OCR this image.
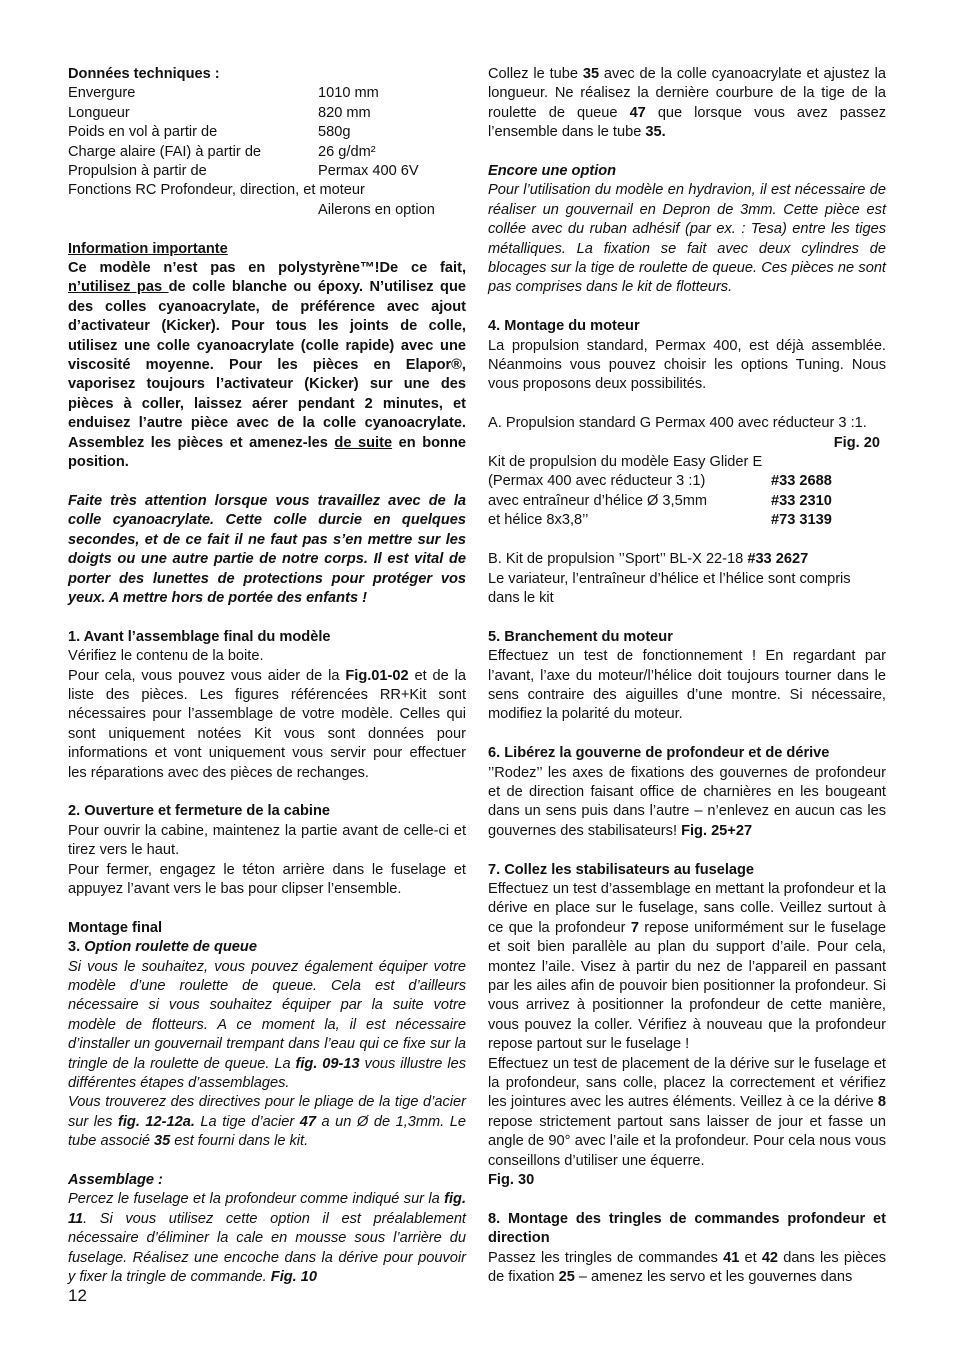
Données techniques :

Envergure	1010 mm
Longueur	820 mm
Poids en vol à partir de	580g
Charge alaire (FAI) à partir de	26 g/dm²
Propulsion à partir de	Permax 400 6V

Fonctions RC Profondeur, direction, et moteur

Ailerons en option

Information importante

Ce modèle n’est pas en polystyrène™!De ce fait, n’utilisez pas de colle blanche ou époxy. N’utilisez que des colles cyanoacrylate, de préférence avec ajout d’activateur (Kicker). Pour tous les joints de colle, utilisez une colle cyanoacrylate (colle rapide) avec une viscosité moyenne. Pour les pièces en Elapor®, vaporisez toujours l’activateur (Kicker) sur une des pièces à coller, laissez aérer pendant 2 minutes, et enduisez l’autre pièce avec de la colle cyanoacrylate. Assemblez les pièces et amenez-les de suite en bonne position.

Faite très attention lorsque vous travaillez avec de la colle cyanoacrylate. Cette colle durcie en quelques secondes, et de ce fait il ne faut pas s’en mettre sur les doigts ou une autre partie de notre corps. Il est vital de porter des lunettes de protections pour protéger vos yeux. A mettre hors de portée des enfants !

1. Avant l’assemblage final du modèle

Vérifiez le contenu de la boite.

Pour cela, vous pouvez vous aider de la Fig.01-02 et de la liste des pièces. Les figures référencées RR+Kit sont nécessaires pour l’assemblage de votre modèle. Celles qui sont uniquement notées Kit vous sont données pour informations et vont uniquement vous servir pour effectuer les réparations avec des pièces de rechanges.

2. Ouverture et fermeture de la cabine

Pour ouvrir la cabine, maintenez la partie avant de celle-ci et tirez vers le haut.

Pour fermer, engagez le téton arrière dans le fuselage et appuyez l’avant vers le bas pour clipser l’ensemble.

Montage final

3. Option roulette de queue

Si vous le souhaitez, vous pouvez également équiper votre modèle d’une roulette de queue. Cela est d’ailleurs nécessaire si vous souhaitez équiper par la suite votre modèle de flotteurs. A ce moment la, il est nécessaire d’installer un gouvernail trempant dans l’eau qui ce fixe sur la tringle de la roulette de queue. La fig. 09-13 vous illustre les différentes étapes d’assemblages.

Vous trouverez des directives pour le pliage de la tige d’acier sur les fig. 12-12a. La tige d’acier 47 a un Ø de 1,3mm. Le tube associé 35 est fourni dans le kit.

Assemblage :

Percez le fuselage et la profondeur comme indiqué sur la fig. 11. Si vous utilisez cette option il est préalablement nécessaire d’éliminer la cale en mousse sous l’arrière du fuselage. Réalisez une encoche dans la dérive pour pouvoir y fixer la tringle de commande. Fig. 10

Collez le tube 35 avec de la colle cyanoacrylate et ajustez la longueur. Ne réalisez la dernière courbure de la tige de la roulette de queue 47 que lorsque vous avez passez l’ensemble dans le tube 35.

Encore une option

Pour l’utilisation du modèle en hydravion, il est nécessaire de réaliser un gouvernail en Depron de 3mm. Cette pièce est collée avec du ruban adhésif (par ex. : Tesa) entre les tiges métalliques. La fixation se fait avec deux cylindres de blocages sur la tige de roulette de queue. Ces pièces ne sont pas comprises dans le kit de flotteurs.

4. Montage du moteur

La propulsion standard, Permax 400, est déjà assemblée. Néanmoins vous pouvez choisir les options Tuning. Nous vous proposons deux possibilités.

A. Propulsion standard G Permax 400 avec réducteur 3 :1.

Fig. 20

Kit de propulsion du modèle Easy Glider E

(Permax 400 avec réducteur 3 :1)	#33 2688
avec entraîneur d’hélice Ø 3,5mm	#33 2310
et hélice 8x3,8’’	#73 3139

B. Kit de propulsion ’’Sport’’ BL-X 22-18 #33 2627

Le variateur, l’entraîneur d’hélice et l’hélice sont compris dans le kit

5. Branchement du moteur

Effectuez un test de fonctionnement ! En regardant par l’avant, l’axe du moteur/l’hélice doit toujours tourner dans le sens contraire des aiguilles d’une montre. Si nécessaire, modifiez la polarité du moteur.

6. Libérez la gouverne de profondeur et de dérive

’’Rodez’’ les axes de fixations des gouvernes de profondeur et de direction faisant office de charnières en les bougeant dans un sens puis dans l’autre – n’enlevez en aucun cas les gouvernes des stabilisateurs! Fig. 25+27

7. Collez les stabilisateurs au fuselage

Effectuez un test d’assemblage en mettant la profondeur et la dérive en place sur le fuselage, sans colle. Veillez surtout à ce que la profondeur 7 repose uniformément sur le fuselage et soit bien parallèle au plan du support d’aile. Pour cela, montez l’aile. Visez à partir du nez de l’appareil en passant par les ailes afin de pouvoir bien positionner la profondeur. Si vous arrivez à positionner la profondeur de cette manière, vous pouvez la coller. Vérifiez à nouveau que la profondeur repose partout sur le fuselage !

Effectuez un test de placement de la dérive sur le fuselage et la profondeur, sans colle, placez la correctement et vérifiez les jointures avec les autres éléments. Veillez à ce la dérive 8 repose strictement partout sans laisser de jour et fasse un angle de 90° avec l’aile et la profondeur. Pour cela nous vous conseillons d’utiliser une équerre.

Fig. 30

8. Montage des tringles de commandes profondeur et direction

Passez les tringles de commandes 41 et 42 dans les pièces de fixation 25 – amenez les servo et les gouvernes dans

12
